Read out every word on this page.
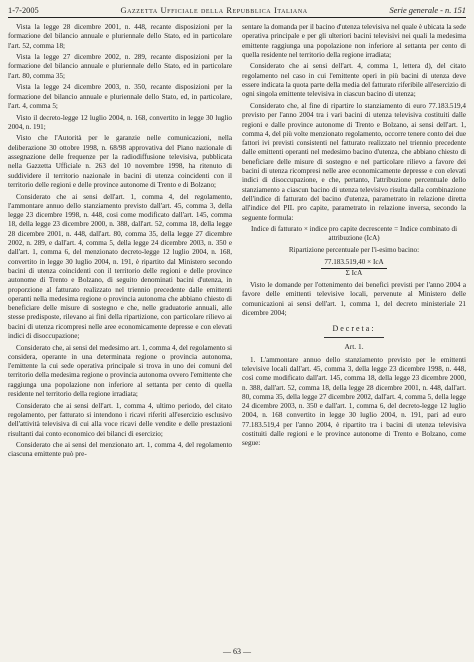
1-7-2005	Gazzetta Ufficiale della Repubblica Italiana	Serie generale - n. 151

Vista la legge 28 dicembre 2001, n. 448, recante disposizioni per la formazione del bilancio annuale e pluriennale dello Stato, ed in particolare l'art. 52, comma 18;

Vista la legge 27 dicembre 2002, n. 289, recante disposizioni per la formazione del bilancio annuale e pluriennale dello Stato, ed in particolare l'art. 80, comma 35;

Vista la legge 24 dicembre 2003, n. 350, recante disposizioni per la formazione del bilancio annuale e pluriennale dello Stato, ed, in particolare, l'art. 4, comma 5;

Visto il decreto-legge 12 luglio 2004, n. 168, convertito in legge 30 luglio 2004, n. 191;

Visto che l'Autorità per le garanzie nelle comunicazioni, nella deliberazione 30 ottobre 1998, n. 68/98 approvativa del Piano nazionale di assegnazione delle frequenze per la radiodiffusione televisiva, pubblicata nella Gazzetta Ufficiale n. 263 del 10 novembre 1998, ha ritenuto di suddividere il territorio nazionale in bacini di utenza coincidenti con il territorio delle regioni e delle province autonome di Trento e di Bolzano;

Considerato che ai sensi dell'art. 1, comma 4, del regolamento, l'ammontare annuo dello stanziamento previsto dall'art. 45, comma 3, della legge 23 dicembre 1998, n. 448, cosi come modificato dall'art. 145, comma 18, della legge 23 dicembre 2000, n. 388, dall'art. 52, comma 18, della legge 28 dicembre 2001, n. 448, dall'art. 80, comma 35, della legge 27 dicembre 2002, n. 289, e dall'art. 4, comma 5, della legge 24 dicembre 2003, n. 350 e dall'art. 1, comma 6, del menzionato decreto-legge 12 luglio 2004, n. 168, convertito in legge 30 luglio 2004, n. 191, è ripartito dal Ministero secondo bacini di utenza coincidenti con il territorio delle regioni e delle province autonome di Trento e Bolzano, di seguito denominati bacini d'utenza, in proporzione al fatturato realizzato nel triennio precedente dalle emittenti operanti nella medesima regione o provincia autonoma che abbiano chiesto di beneficiare delle misure di sostegno e che, nelle graduatorie annuali, alle stesse predisposte, rilevano ai fini della ripartizione, con particolare rilievo ai bacini di utenza ricompresi nelle aree economicamente depresse e con elevati indici di disoccupazione;

Considerato che, ai sensi del medesimo art. 1, comma 4, del regolamento si considera, operante in una determinata regione o provincia autonoma, l'emittente la cui sede operativa principale si trova in uno dei comuni del territorio della medesima regione o provincia autonoma ovvero l'emittente che raggiunga una popolazione non inferiore al settanta per cento di quella residente nel territorio della regione irradiata;

Considerato che ai sensi dell'art. 1, comma 4, ultimo periodo, del citato regolamento, per fatturato si intendono i ricavi riferiti all'esercizio esclusivo dell'attività televisiva di cui alla voce ricavi delle vendite e delle prestazioni risultanti dai conto economico dei bilanci di esercizio;

Considerato che ai sensi del menzionato art. 1, comma 4, del regolamento ciascuna emittente può pre-

sentare la domanda per il bacino d'utenza televisiva nel quale è ubicata la sede operativa principale e per gli ulteriori bacini televisivi nei quali la medesima emittente raggiunga una popolazione non inferiore al settanta per cento di quella residente nel territorio della regione irradiata;

Considerato che ai sensi dell'art. 4, comma 1, lettera d), del citato regolamento nel caso in cui l'emittente operi in più bacini di utenza deve essere indicata la quota parte della media del fatturato riferibile all'esercizio di ogni singola emittente televisiva in ciascun bacino di utenza;

Considerato che, al fine di ripartire lo stanziamento di euro 77.183.519,4 previsto per l'anno 2004 tra i vari bacini di utenza televisiva costituiti dalle regioni e dalle province autonome di Trento e Bolzano, ai sensi dell'art. 1, comma 4, del più volte menzionato regolamento, occorre tenere conto dei due fattori ivi previsti consistenti nel fatturato realizzato nel triennio precedente dalle emittenti operanti nel medesimo bacino d'utenza, che abbiano chiesto di beneficiare delle misure di sostegno e nel particolare rilievo a favore dei bacini di utenza ricompresi nelle aree economicamente depresse e con elevati indici di disoccupazione, e che, pertanto, l'attribuzione percentuale dello stanziamento a ciascun bacino di utenza televisivo risulta dalla combinazione dell'indice di fatturato del bacino d'utenza, parametrato in relazione diretta all'indice del PIL pro capite, parametrato in relazione inversa, secondo la seguente formula:

Indice di fatturato × indice pro capite decrescente = Indice combinato di attribuzione (IcA)

Ripartizione percentuale per l'i-esimo bacino:

$\frac{\text{77.183.519,40 × IcA}}{\text{Σ IcA}}$

Visto le domande per l'ottenimento dei benefici previsti per l'anno 2004 a favore delle emittenti televisive locali, pervenute al Ministero delle comunicazioni ai sensi dell'art. 1, comma 1, del decreto ministeriale 21 dicembre 2004;

Decreta:
Art. 1.

1. L'ammontare annuo dello stanziamento previsto per le emittenti televisive locali dall'art. 45, comma 3, della legge 23 dicembre 1998, n. 448, così come modificato dall'art. 145, comma 18, della legge 23 dicembre 2000, n. 388, dall'art. 52, comma 18, della legge 28 dicembre 2001, n. 448, dall'art. 80, comma 35, della legge 27 dicembre 2002, dall'art. 4, comma 5, della legge 24 dicembre 2003, n. 350 e dall'art. 1, comma 6, del decreto-legge 12 luglio 2004, n. 168 convertito in legge 30 luglio 2004, n. 191, pari ad euro 77.183.519,4 per l'anno 2004, è ripartito tra i bacini di utenza televisiva costituiti dalle regioni e le province autonome di Trento e Bolzano, come segue:

— 63 —
